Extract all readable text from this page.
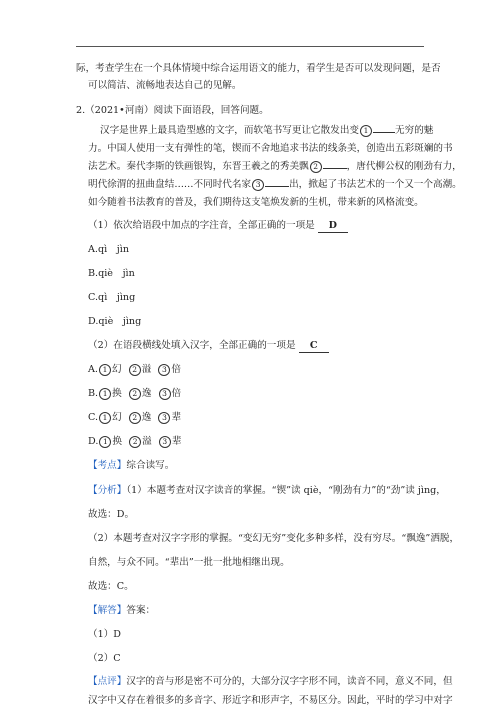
际，考查学生在一个具体情境中综合运用语文的能力，看学生是否可以发现问题，是否
可以简洁、流畅地表达自己的见解。
2.（2021•河南）阅读下面语段，回答问题。
汉字是世界上最具造型感的文字，而软笔书写更让它散发出变 1	无穷的魅
力。中国人使用一支有弹性的笔，锲而不舍地追求书法的线条美，创造出五彩斑斓的书
法艺术。秦代李斯的铁画银钩，东晋王羲之的秀美飘 2	，唐代柳公权的刚劲有力，
明代徐渭的扭曲盘结……不同时代名家 3	出，掀起了书法艺术的一个又一个高潮。
如今随着书法教育的普及，我们期待这支笔焕发新的生机，带来新的风格流变。
（1）依次给语段中加点的字注音，全部正确的一项是 D
A.qì　jìn
B.qiè　jìn
C.qì　jìng
D.qiè　jìng
（2）在语段横线处填入汉字，全部正确的一项是 C
A. 1 幻 2 溢 3 倍
B. 1 换 2 逸 3 倍
C. 1 幻 2 逸 3 辈
D. 1 换 2 溢 3 辈
【考点】综合读写。
【分析】（1）本题考查对汉字读音的掌握。“锲”读 qiè，“刚劲有力”的“劲”读 jìng，
故选：D。
（2）本题考查对汉字字形的掌握。“变幻无穷”变化多种多样，没有穷尽。“飘逸”洒脱，
自然，与众不同。“辈出”一批一批地相继出现。
故选：C。
【解答】答案：
（1）D
（2）C
【点评】汉字的音与形是密不可分的，大部分汉字字形不同，读音不同，意义不同，但
汉字中又存在着很多的多音字、形近字和形声字，不易区分。因此，平时的学习中对字
